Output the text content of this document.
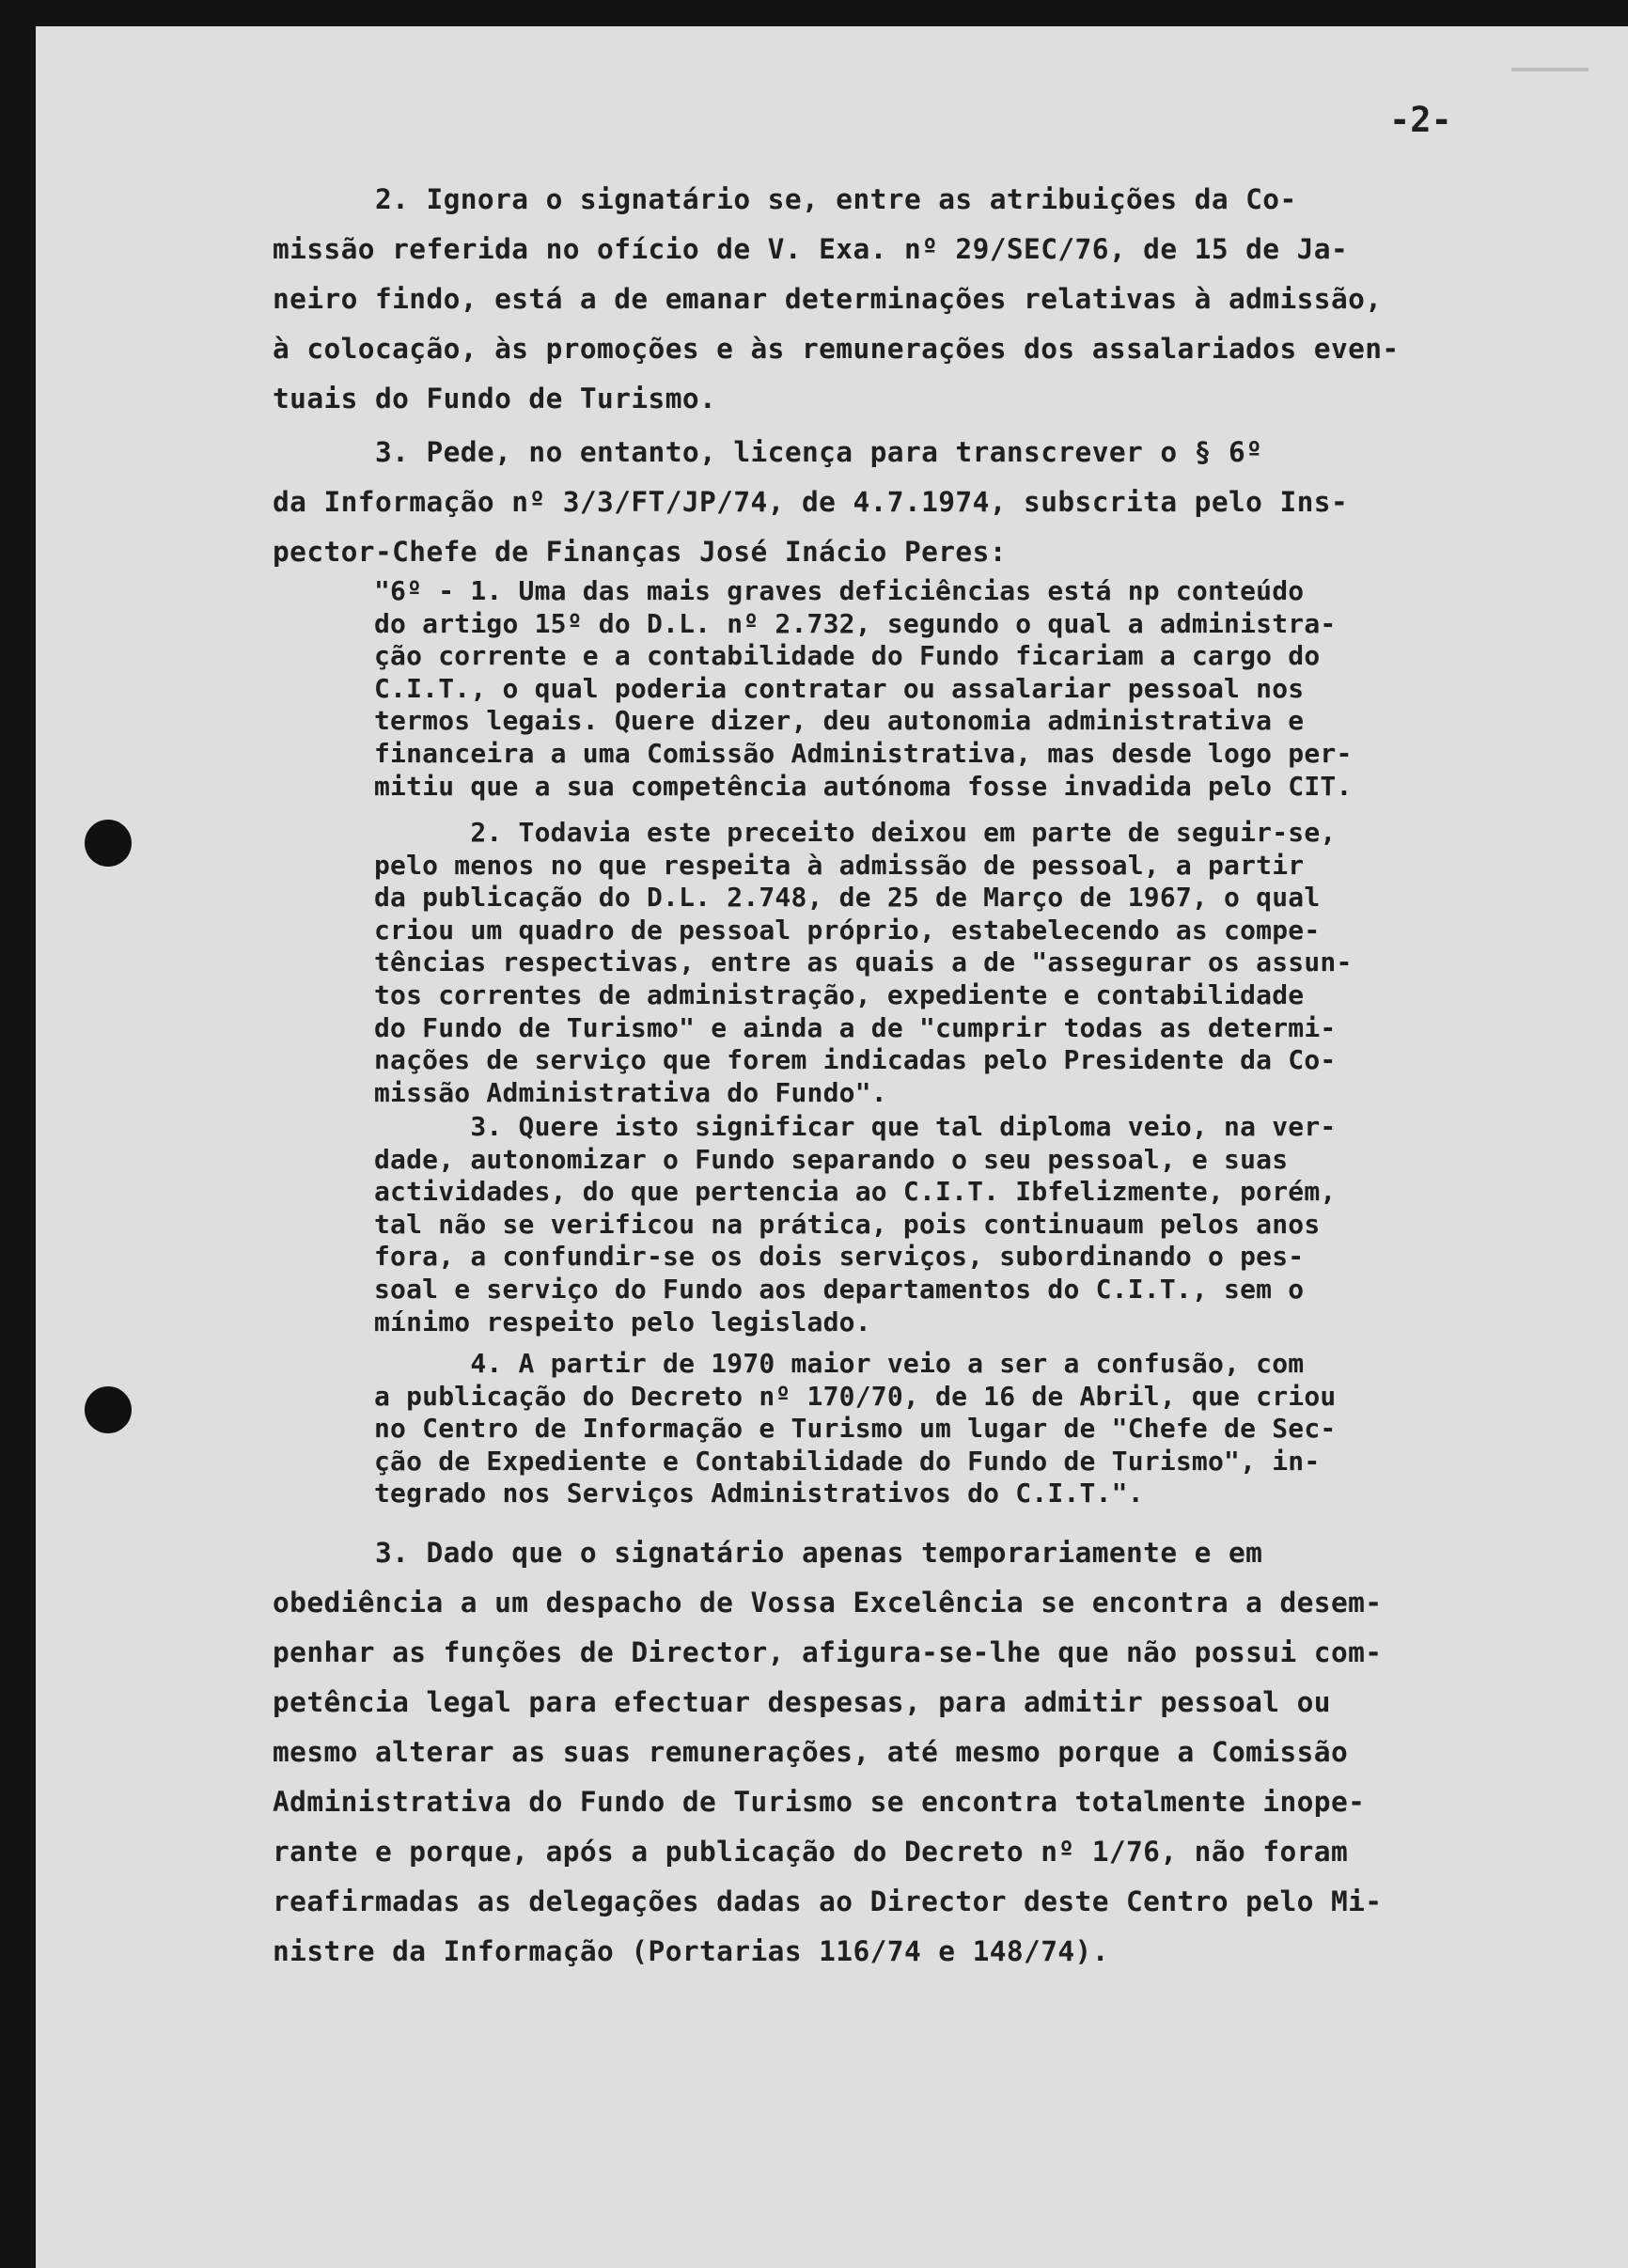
-2-

2. Ignora o signatário se, entre as atribuições da Co-
missão referida no ofício de V. Exa. nº 29/SEC/76, de 15 de Ja-
neiro findo, está a de emanar determinações relativas à admissão,
à colocação, às promoções e às remunerações dos assalariados even-
tuais do Fundo de Turismo.

3. Pede, no entanto, licença para transcrever o § 6º
da Informação nº 3/3/FT/JP/74, de 4.7.1974, subscrita pelo Ins-
pector-Chefe de Finanças José Inácio Peres:

"6º - 1. Uma das mais graves deficiências está np conteúdo
do artigo 15º do D.L. nº 2.732, segundo o qual a administra-
ção corrente e a contabilidade do Fundo ficariam a cargo do
C.I.T., o qual poderia contratar ou assalariar pessoal nos
termos legais. Quere dizer, deu autonomia administrativa e
financeira a uma Comissão Administrativa, mas desde logo per-
mitiu que a sua competência autónoma fosse invadida pelo CIT.

2. Todavia este preceito deixou em parte de seguir-se,
pelo menos no que respeita à admissão de pessoal, a partir
da publicação do D.L. 2.748, de 25 de Março de 1967, o qual
criou um quadro de pessoal próprio, estabelecendo as compe-
tências respectivas, entre as quais a de "assegurar os assun-
tos correntes de administração, expediente e contabilidade
do Fundo de Turismo" e ainda a de "cumprir todas as determi-
nações de serviço que forem indicadas pelo Presidente da Co-
missão Administrativa do Fundo".

3. Quere isto significar que tal diploma veio, na ver-
dade, autonomizar o Fundo separando o seu pessoal, e suas
actividades, do que pertencia ao C.I.T. Ibfelizmente, porém,
tal não se verificou na prática, pois continuaum pelos anos
fora, a confundir-se os dois serviços, subordinando o pes-
soal e serviço do Fundo aos departamentos do C.I.T., sem o
mínimo respeito pelo legislado.

4. A partir de 1970 maior veio a ser a confusão, com
a publicação do Decreto nº 170/70, de 16 de Abril, que criou
no Centro de Informação e Turismo um lugar de "Chefe de Sec-
ção de Expediente e Contabilidade do Fundo de Turismo", in-
tegrado nos Serviços Administrativos do C.I.T.".

3. Dado que o signatário apenas temporariamente e em
obediência a um despacho de Vossa Excelência se encontra a desem-
penhar as funções de Director, afigura-se-lhe que não possui com-
petência legal para efectuar despesas, para admitir pessoal ou
mesmo alterar as suas remunerações, até mesmo porque a Comissão
Administrativa do Fundo de Turismo se encontra totalmente inope-
rante e porque, após a publicação do Decreto nº 1/76, não foram
reafirmadas as delegações dadas ao Director deste Centro pelo Mi-
nistre da Informação (Portarias 116/74 e 148/74).
